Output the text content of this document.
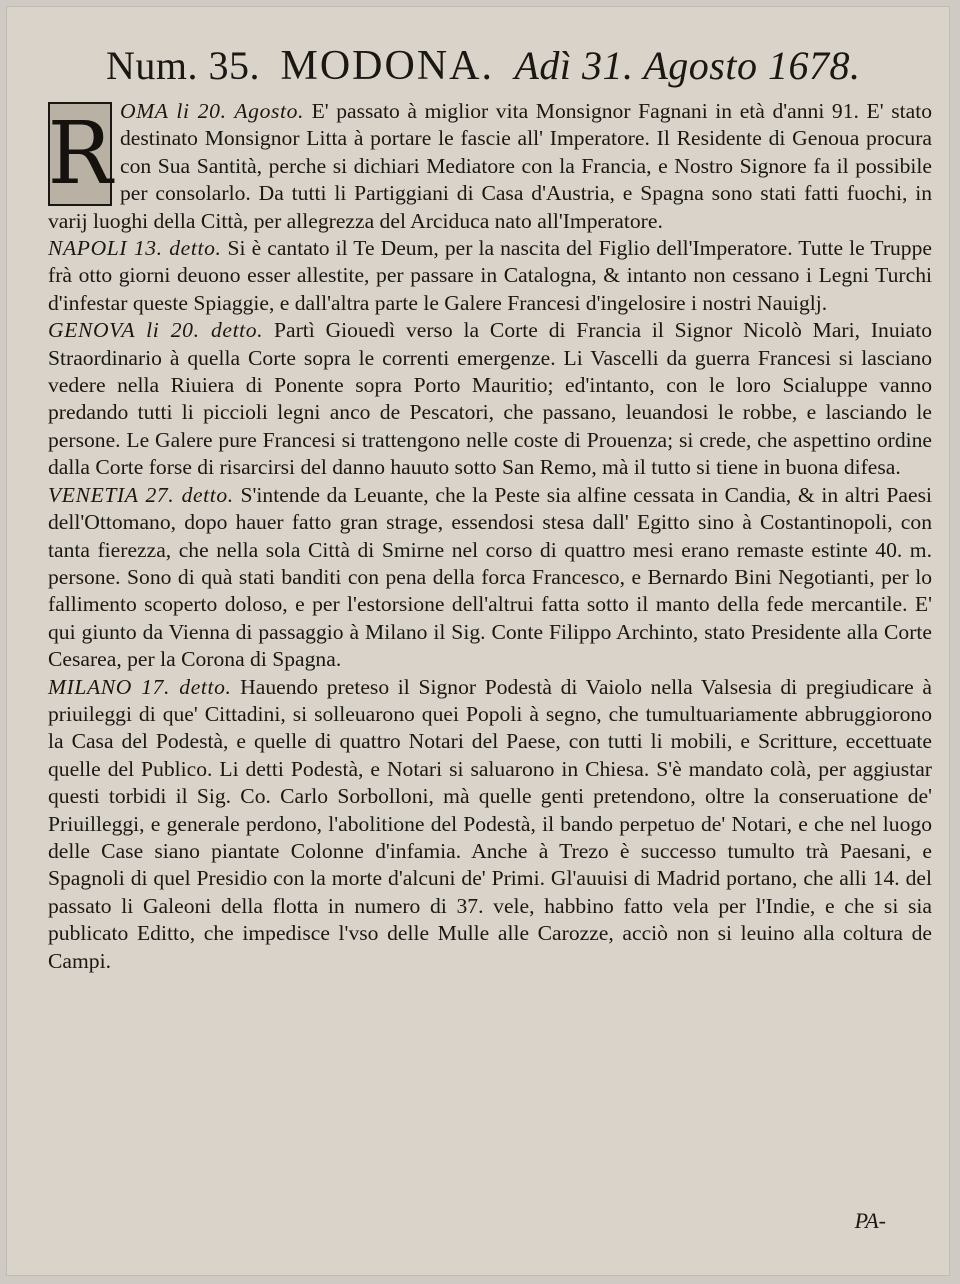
Num. 35. MODONA. Adì 31. Agosto 1678.

R OMA li 20. Agosto. E' passato à miglior vita Monsignor Fagnani in età d'anni 91. E' stato destinato Monsignor Litta à portare le fascie all' Imperatore. Il Residente di Genoua procura con Sua Santità, perche si dichiari Mediatore con la Francia, e Nostro Signore fa il possibile per consolarlo. Da tutti li Partiggiani di Casa d'Austria, e Spagna sono stati fatti fuochi, in varij luoghi della Città, per allegrezza del Arciduca nato all'Imperatore.

NAPOLI 13. detto. Si è cantato il Te Deum, per la nascita del Figlio dell'Imperatore. Tutte le Truppe frà otto giorni deuono esser allestite, per passare in Catalogna, & intanto non cessano i Legni Turchi d'infestar queste Spiaggie, e dall'altra parte le Galere Francesi d'ingelosire i nostri Nauiglj.

GENOVA li 20. detto. Partì Giouedì verso la Corte di Francia il Signor Nicolò Mari, Inuiato Straordinario à quella Corte sopra le correnti emergenze. Li Vascelli da guerra Francesi si lasciano vedere nella Riuiera di Ponente sopra Porto Mauritio; ed'intanto, con le loro Scialuppe vanno predando tutti li piccioli legni anco de Pescatori, che passano, leuandosi le robbe, e lasciando le persone. Le Galere pure Francesi si trattengono nelle coste di Prouenza; si crede, che aspettino ordine dalla Corte forse di risarcirsi del danno hauuto sotto San Remo, mà il tutto si tiene in buona difesa.

VENETIA 27. detto. S'intende da Leuante, che la Peste sia alfine cessata in Candia, & in altri Paesi dell'Ottomano, dopo hauer fatto gran strage, essendosi stesa dall' Egitto sino à Costantinopoli, con tanta fierezza, che nella sola Città di Smirne nel corso di quattro mesi erano remaste estinte 40. m. persone. Sono di quà stati banditi con pena della forca Francesco, e Bernardo Bini Negotianti, per lo fallimento scoperto doloso, e per l'estorsione dell'altrui fatta sotto il manto della fede mercantile. E' qui giunto da Vienna di passaggio à Milano il Sig. Conte Filippo Archinto, stato Presidente alla Corte Cesarea, per la Corona di Spagna.

MILANO 17. detto. Hauendo preteso il Signor Podestà di Vaiolo nella Valsesia di pregiudicare à priuileggi di que' Cittadini, si solleuarono quei Popoli à segno, che tumultuariamente abbruggiorono la Casa del Podestà, e quelle di quattro Notari del Paese, con tutti li mobili, e Scritture, eccettuate quelle del Publico. Li detti Podestà, e Notari si saluarono in Chiesa. S'è mandato colà, per aggiustar questi torbidi il Sig. Co. Carlo Sorbolloni, mà quelle genti pretendono, oltre la conseruatione de' Priuilleggi, e generale perdono, l'abolitione del Podestà, il bando perpetuo de' Notari, e che nel luogo delle Case siano piantate Colonne d'infamia. Anche à Trezo è successo tumulto trà Paesani, e Spagnoli di quel Presidio con la morte d'alcuni de' Primi. Gl'auuisi di Madrid portano, che alli 14. del passato li Galeoni della flotta in numero di 37. vele, habbino fatto vela per l'Indie, e che si sia publicato Editto, che impedisce l'vso delle Mulle alle Carozze, acciò non si leuino alla coltura de Campi.

PA-
